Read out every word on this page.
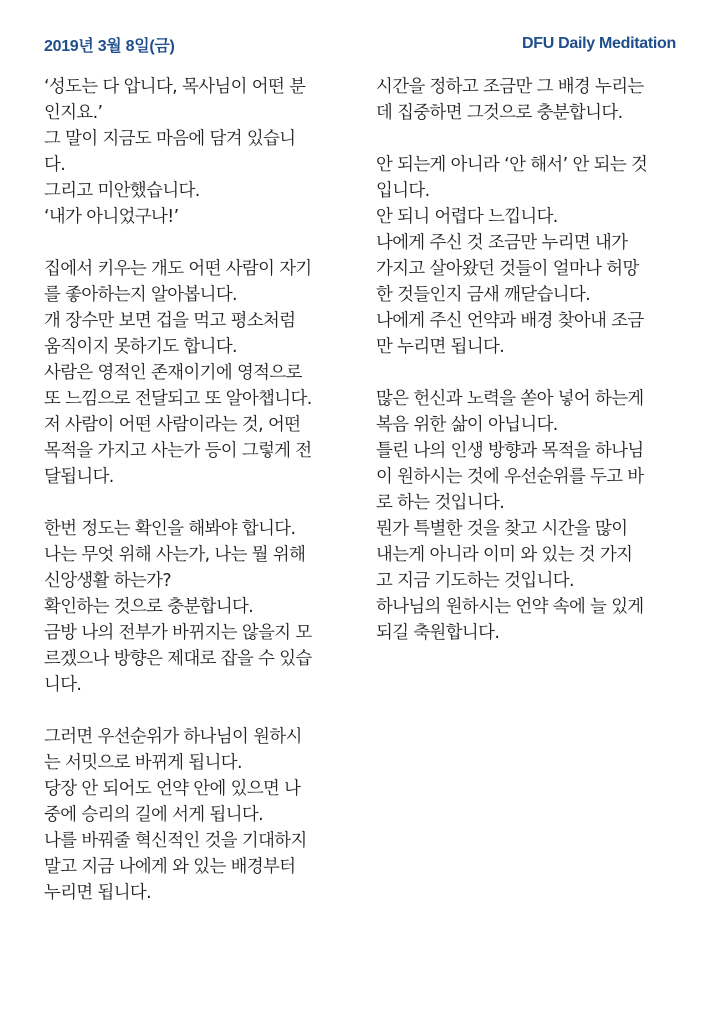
2019년 3월 8일(금)	DFU Daily Meditation
‘성도는 다 압니다, 목사님이 어떤 분
인지요.’
그 말이 지금도 마음에 담겨 있습니
다.
그리고 미안했습니다.
‘내가 아니었구나!’
집에서 키우는 개도 어떤 사람이 자기
를 좋아하는지 알아봅니다.
개 장수만 보면 겁을 먹고 평소처럼
움직이지 못하기도 합니다.
사람은 영적인 존재이기에 영적으로
또 느낌으로 전달되고 또 알아챕니다.
저 사람이 어떤 사람이라는 것, 어떤
목적을 가지고 사는가 등이 그렇게 전
달됩니다.
한번 정도는 확인을 해봐야 합니다.
나는 무엇 위해 사는가, 나는 뭘 위해
신앙생활 하는가?
확인하는 것으로 충분합니다.
금방 나의 전부가 바뀌지는 않을지 모
르겠으나 방향은 제대로 잡을 수 있습
니다.
그러면 우선순위가 하나님이 원하시
는 서밋으로 바뀌게 됩니다.
당장 안 되어도 언약 안에 있으면 나
중에 승리의 길에 서게 됩니다.
나를 바꿔줄 혁신적인 것을 기대하지
말고 지금 나에게 와 있는 배경부터
누리면 됩니다.
시간을 정하고 조금만 그 배경 누리는
데 집중하면 그것으로 충분합니다.
안 되는게 아니라 ‘안 해서’ 안 되는 것
입니다.
안 되니 어렵다 느낍니다.
나에게 주신 것 조금만 누리면 내가
가지고 살아왔던 것들이 얼마나 허망
한 것들인지 금새 깨닫습니다.
나에게 주신 언약과 배경 찾아내 조금
만 누리면 됩니다.
많은 헌신과 노력을 쏟아 넣어 하는게
복음 위한 삶이 아닙니다.
틀린 나의 인생 방향과 목적을 하나님
이 원하시는 것에 우선순위를 두고 바
로 하는 것입니다.
뭔가 특별한 것을 찾고 시간을 많이
내는게 아니라 이미 와 있는 것 가지
고 지금 기도하는 것입니다.
하나님의 원하시는 언약 속에 늘 있게
되길 축원합니다.
